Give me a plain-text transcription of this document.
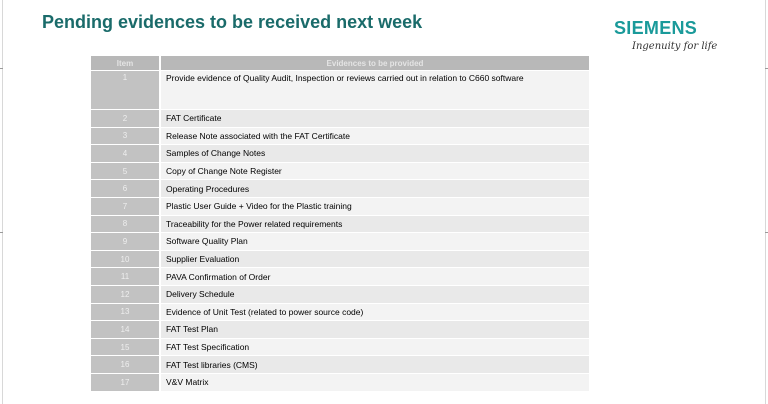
Pending evidences to be received next week	SIEMENS
Ingenuity for life
Item	Evidences to be provided
1	Provide evidence of Quality Audit, Inspection or reviews carried out in relation to C660 software
2	FAT Certificate
3	Release Note associated with the FAT Certificate
4	Samples of Change Notes
5	Copy of Change Note Register
6	Operating Procedures
7	Plastic User Guide + Video for the Plastic training
8	Traceability for the Power related requirements
9	Software Quality Plan
10	Supplier Evaluation
11	PAVA Confirmation of Order
12	Delivery Schedule
13	Evidence of Unit Test (related to power source code)
14	FAT Test Plan
15	FAT Test Specification
16	FAT Test libraries (CMS)
17	V&V Matrix
